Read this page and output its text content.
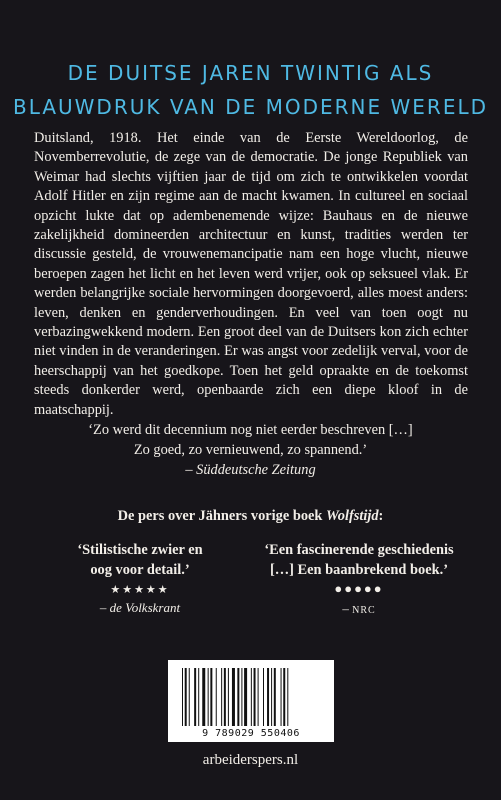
DE DUITSE JAREN TWINTIG ALS
BLAUWDRUK VAN DE MODERNE WERELD

Duitsland, 1918. Het einde van de Eerste Wereldoorlog, de Novemberrevolutie, de zege van de democratie. De jonge Republiek van Weimar had slechts vijftien jaar de tijd om zich te ontwikkelen voordat Adolf Hitler en zijn regime aan de macht kwamen. In cultureel en sociaal opzicht lukte dat op adembenemende wijze: Bauhaus en de nieuwe zakelijkheid domineerden architectuur en kunst, tradities werden ter discussie gesteld, de vrouwenemancipatie nam een hoge vlucht, nieuwe beroepen zagen het licht en het leven werd vrijer, ook op seksueel vlak. Er werden belangrijke sociale hervormingen doorgevoerd, alles moest anders: leven, denken en genderverhoudingen. En veel van toen oogt nu verbazingwekkend modern. Een groot deel van de Duitsers kon zich echter niet vinden in de veranderingen. Er was angst voor zedelijk verval, voor de heerschappij van het goedkope. Toen het geld opraakte en de toekomst steeds donkerder werd, openbaarde zich een diepe kloof in de maatschappij.

‘Zo werd dit decennium nog niet eerder beschreven […]
Zo goed, zo vernieuwend, zo spannend.’
– Süddeutsche Zeitung
De pers over Jähners vorige boek Wolfstijd:
‘Stilistische zwier en
oog voor detail.’
★★★★★
– de Volkskrant
‘Een fascinerende geschiedenis
[…] Een baanbrekend boek.’
●●●●●
– NRC
9 789029 550406
arbeiderspers.nl
